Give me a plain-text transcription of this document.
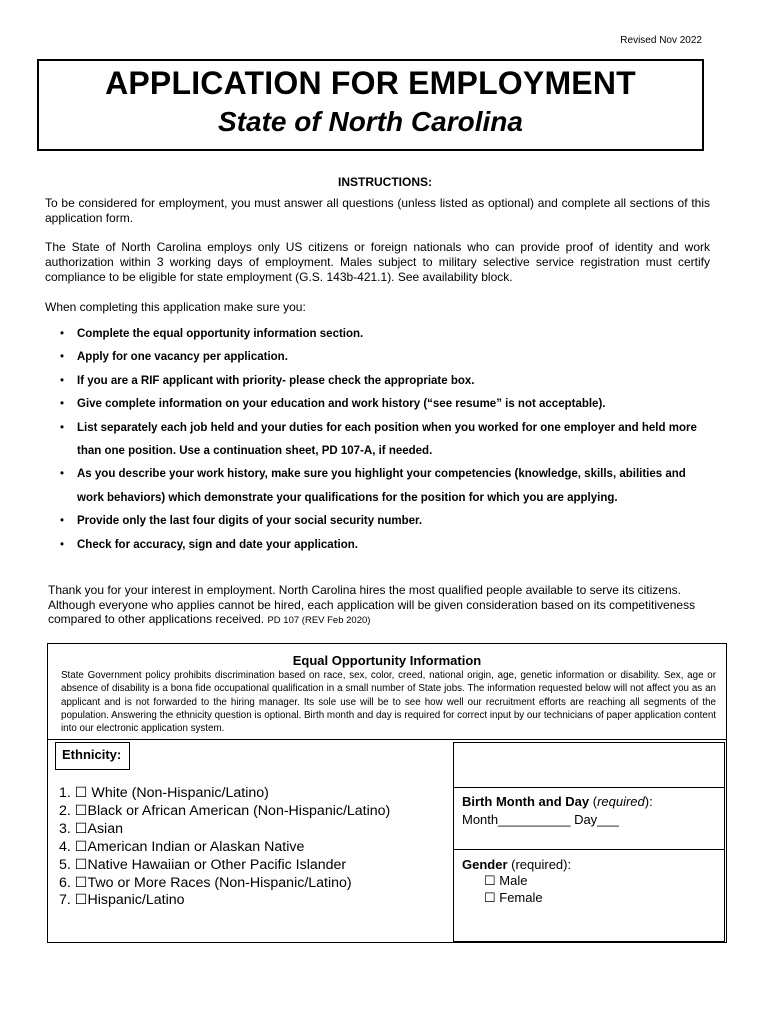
Revised Nov 2022
APPLICATION FOR EMPLOYMENT
State of North Carolina
INSTRUCTIONS:
To be considered for employment, you must answer all questions (unless listed as optional) and complete all sections of this application form.
The State of North Carolina employs only US citizens or foreign nationals who can provide proof of identity and work authorization within 3 working days of employment. Males subject to military selective service registration must certify compliance to be eligible for state employment (G.S. 143b-421.1). See availability block.
When completing this application make sure you:
• Complete the equal opportunity information section.
• Apply for one vacancy per application.
• If you are a RIF applicant with priority- please check the appropriate box.
• Give complete information on your education and work history (“see resume” is not acceptable).
• List separately each job held and your duties for each position when you worked for one employer and held more than one position. Use a continuation sheet, PD 107-A, if needed.
• As you describe your work history, make sure you highlight your competencies (knowledge, skills, abilities and work behaviors) which demonstrate your qualifications for the position for which you are applying.
• Provide only the last four digits of your social security number.
• Check for accuracy, sign and date your application.
Thank you for your interest in employment. North Carolina hires the most qualified people available to serve its citizens. Although everyone who applies cannot be hired, each application will be given consideration based on its competitiveness compared to other applications received. PD 107 (REV Feb 2020)
Equal Opportunity Information
State Government policy prohibits discrimination based on race, sex, color, creed, national origin, age, genetic information or disability. Sex, age or absence of disability is a bona fide occupational qualification in a small number of State jobs. The information requested below will not affect you as an applicant and is not forwarded to the hiring manager. Its sole use will be to see how well our recruitment efforts are reaching all segments of the population. Answering the ethnicity question is optional. Birth month and day is required for correct input by our technicians of paper application content into our electronic application system.
Ethnicity:
1. ☐ White (Non-Hispanic/Latino)
2. ☐Black or African American (Non-Hispanic/Latino)
3. ☐Asian
4. ☐American Indian or Alaskan Native
5. ☐Native Hawaiian or Other Pacific Islander
6. ☐Two or More Races (Non-Hispanic/Latino)
7. ☐Hispanic/Latino
Birth Month and Day (required):
Month__________ Day___
Gender (required):
☐ Male
☐ Female
